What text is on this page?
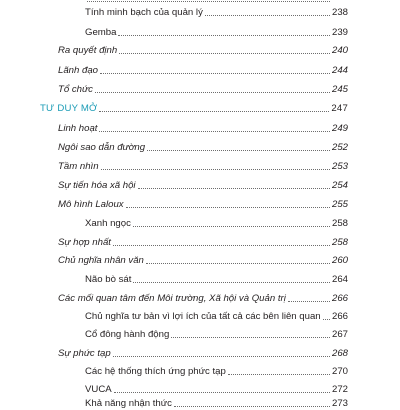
Tính minh bạch của quản lý	238
Gemba	239
Ra quyết định	240
Lãnh đạo	244
Tổ chức	245
TƯ DUY MỞ	247
Linh hoạt	249
Ngôi sao dẫn đường	252
Tầm nhìn	253
Sự tiến hóa xã hội	254
Mô hình Laloux	255
Xanh ngọc	258
Sự hợp nhất	258
Chủ nghĩa nhân văn	260
Não bò sát	264
Các mối quan tâm đến Môi trường, Xã hội và Quản trị	266
Chủ nghĩa tư bản vì lợi ích của tất cả các bên liên quan 266
Cổ đông hành động	267
Sự phức tạp	268
Các hệ thống thích ứng phức tạp	270
VUCA	272
Khả năng nhận thức	273
